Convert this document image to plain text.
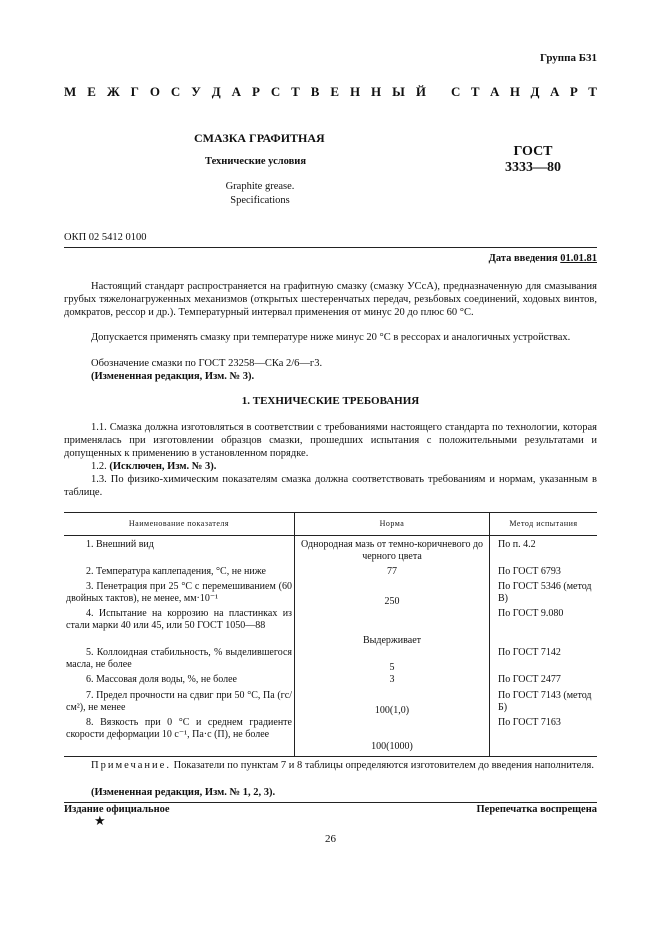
Группа Б31
М Е Ж Г О С У Д А Р С Т В Е Н Н Ы Й С Т А Н Д А Р Т
СМАЗКА ГРАФИТНАЯ
Технические условия
ГОСТ
3333—80
Graphite grease.
Specifications
ОКП 02 5412 0100
Дата введения 01.01.81
Настоящий стандарт распространяется на графитную смазку (смазку УСсА), предназначенную для смазывания грубых тяжелонагруженных механизмов (открытых шестеренчатых передач, резьбовых соединений, ходовых винтов, домкратов, рессор и др.). Температурный интервал применения от минус 20 до плюс 60 °С.
Допускается применять смазку при температуре ниже минус 20 °С в рессорах и аналогичных устройствах.
Обозначение смазки по ГОСТ 23258—СКа 2/6—г3.
(Измененная редакция, Изм. № 3).
1. ТЕХНИЧЕСКИЕ ТРЕБОВАНИЯ
1.1. Смазка должна изготовляться в соответствии с требованиями настоящего стандарта по технологии, которая применялась при изготовлении образцов смазки, прошедших испытания с положительными результатами и допущенных к применению в установленном порядке.
1.2. (Исключен, Изм. № 3).
1.3. По физико-химическим показателям смазка должна соответствовать требованиям и нормам, указанным в таблице.
Наименование показателя	Норма	Метод испытания
1. Внешний вид	Однородная мазь от темно-коричневого до черного цвета	По п. 4.2
2. Температура каплепадения, °С, не ниже	77	По ГОСТ 6793
3. Пенетрация при 25 °С с перемешиванием (60 двойных тактов), не менее, мм·10⁻¹	250	По ГОСТ 5346 (метод В)
4. Испытание на коррозию на пластинках из стали марки 40 или 45, или 50 ГОСТ 1050—88	Выдерживает	По ГОСТ 9.080
5. Коллоидная стабильность, % выделившегося масла, не более	5	По ГОСТ 7142
6. Массовая доля воды, %, не более	3	По ГОСТ 2477
7. Предел прочности на сдвиг при 50 °С, Па (гс/см²), не менее	100(1,0)	По ГОСТ 7143 (метод Б)
8. Вязкость при 0 °С и среднем градиенте скорости деформации 10 с⁻¹, Па·с (П), не более	100(1000)	По ГОСТ 7163
Примечание. Показатели по пунктам 7 и 8 таблицы определяются изготовителем до введения наполнителя.
(Измененная редакция, Изм. № 1, 2, 3).
Издание официальное	Перепечатка воспрещена
★
26
